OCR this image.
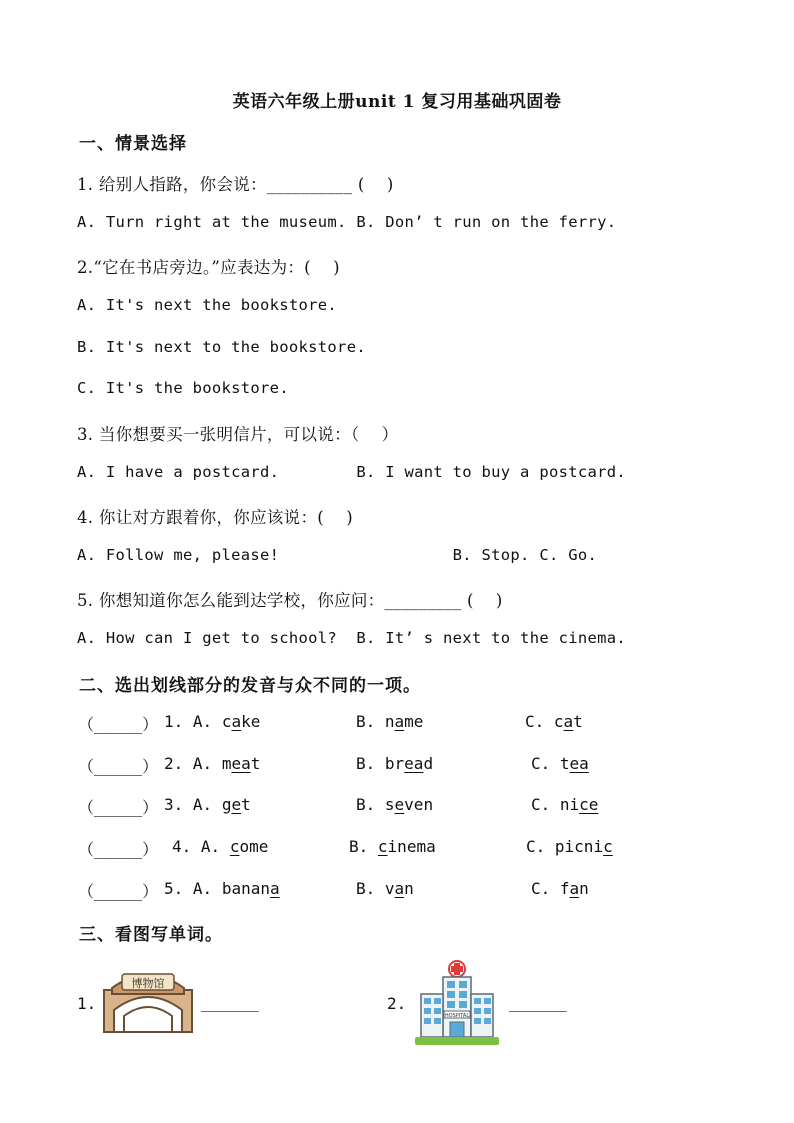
英语六年级上册unit 1 复习用基础巩固卷
一、情景选择
1. 给别人指路，你会说：__________ (    )
A. Turn right at the museum. B. Don’ t run on the ferry.
2.“它在书店旁边。”应表达为：(    )
A. It's next the bookstore.
B. It's next to the bookstore.
C. It's the bookstore.
3. 当你想要买一张明信片，可以说：（    ）
A. I have a postcard.        B. I want to buy a postcard.
4. 你让对方跟着你，你应该说：(    )
A. Follow me, please!                  B. Stop. C. Go.
5. 你想知道你怎么能到达学校，你应问：_________ (    )
A. How can I get to school?  B. It’ s next to the cinema.
二、选出划线部分的发音与众不同的一项。
（_____） 1. A. cake	B. name	C. cat
（_____） 2. A. meat	B. bread	C. tea
（_____） 3. A. get	B. seven	C. nice
（_____） 4. A. come	B. cinema	C. picnic
（_____） 5. A. banana	B. van	C. fan
三、看图写单词。
1.
博物馆
______	2.
HOSPITAL
______
